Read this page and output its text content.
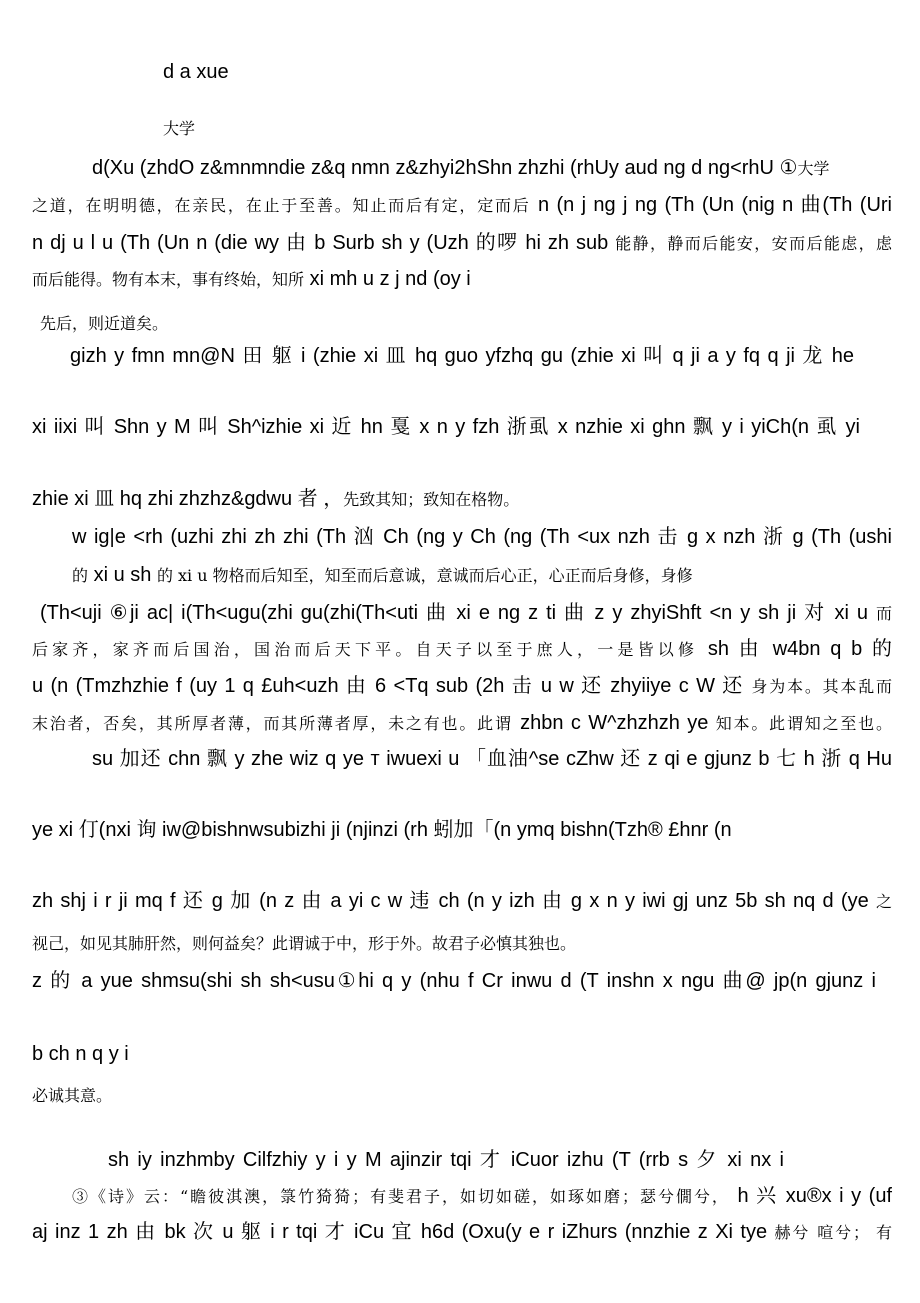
d a xue

大学

d(Xu (zhdO z&mnmndie z&q nmn z&zhyi2hShn zhzhi (rhUy aud ng d ng<rhU ①大学

之道，在明明德，在亲民，在止于至善。知止而后有定，定而后 n (n j ng j ng (Th (Un (nig n 曲(Th (Uri

n dj u l u (Th (Un n (die wy 由 b Surb sh y (Uzh 的啰 hi zh sub 能静，静而后能安，安而后能虑，虑

而后能得。物有本末，事有终始，知所 xi mh u z j nd (oy i

先后，则近道矣。

gizh y fmn mn@N 田 躯 i (zhie xi 皿 hq guo yfzhq gu (zhie xi 叫 q ji a y fq q ji 龙 he

xi iixi 叫 Shn y M 叫 Sh^izhie xi 近 hn 戛 x n y fzh 浙虱 x nzhie xi ghn 飘 y i yiCh(n 虱 yi

zhie xi 皿 hq zhi zhzhz&gdwu 者 ，先致其知；致知在格物。

w ig|e <rh (uzhi zhi zh zhi (Th 汹 Ch (ng y Ch (ng (Th <ux nzh 击 g x nzh 浙 g (Th (ushi

的 xi u sh 的 xi u 物格而后知至，知至而后意诚，意诚而后心正，心正而后身修，身修

(Th<uji ⑥ji ac| i(Th<ugu(zhi gu(zhi(Th<uti 曲 xi e ng z ti 曲 z y zhyiShft <n y sh ji 对 xi u 而

后家齐，家齐而后国治，国治而后天下平。自天子以至于庶人，一是皆以修 sh 由 w4bn q b 的

u (n (Tmzhzhie f (uy 1 q £uh<uzh 由 6 <Tq sub (2h 击 u w 还 zhyiiye c W 还 身为本。其本乱而

末治者，否矣，其所厚者薄，而其所薄者厚，未之有也。此谓 zhbn c W^zhzhzh ye 知本。此谓知之至也。

su 加还 chn 飘 y zhe wiz q ye ᴛ iwuexi u 「血油^se cZhw 还 z qi e gjunz b 七 h 浙 q Hu

ye xi 仃(nxi 询 iw@bishnwsubizhi ji (njinzi (rh 蚓加「(n ymq bishn(Tzh® £hnr (n

zh shj i r ji mq f 还 g 加 (n z 由 a yi c w 违 ch (n y izh 由 g x n y iwi gj unz 5b sh nq d (ye 之

视己，如见其肺肝然，则何益矣？此谓诚于中，形于外。故君子必慎其独也。

z 的 a yue shmsu(shi sh sh<usu①hi q y (nhu f Cr inwu d (T inshn x ngu 曲@ jp(n gjunz i

b ch n q y i

必诚其意。

sh iy inzhmby Cilfzhiy y i y M ajinzir tqi 才 iCuor izhu (T (rrb s 夕 xi nx i

③《诗》云：“瞻彼淇澳，箓竹猗猗；有斐君子，如切如磋，如琢如磨；瑟兮僩兮， h 兴 xu®x i y (uf

aj inz 1 zh 由 bk 次 u 躯 i r tqi 才 iCu 宜 h6d (Oxu(y e r iZhurs (nnzhie z Xi tye 赫兮 喧兮； 有
